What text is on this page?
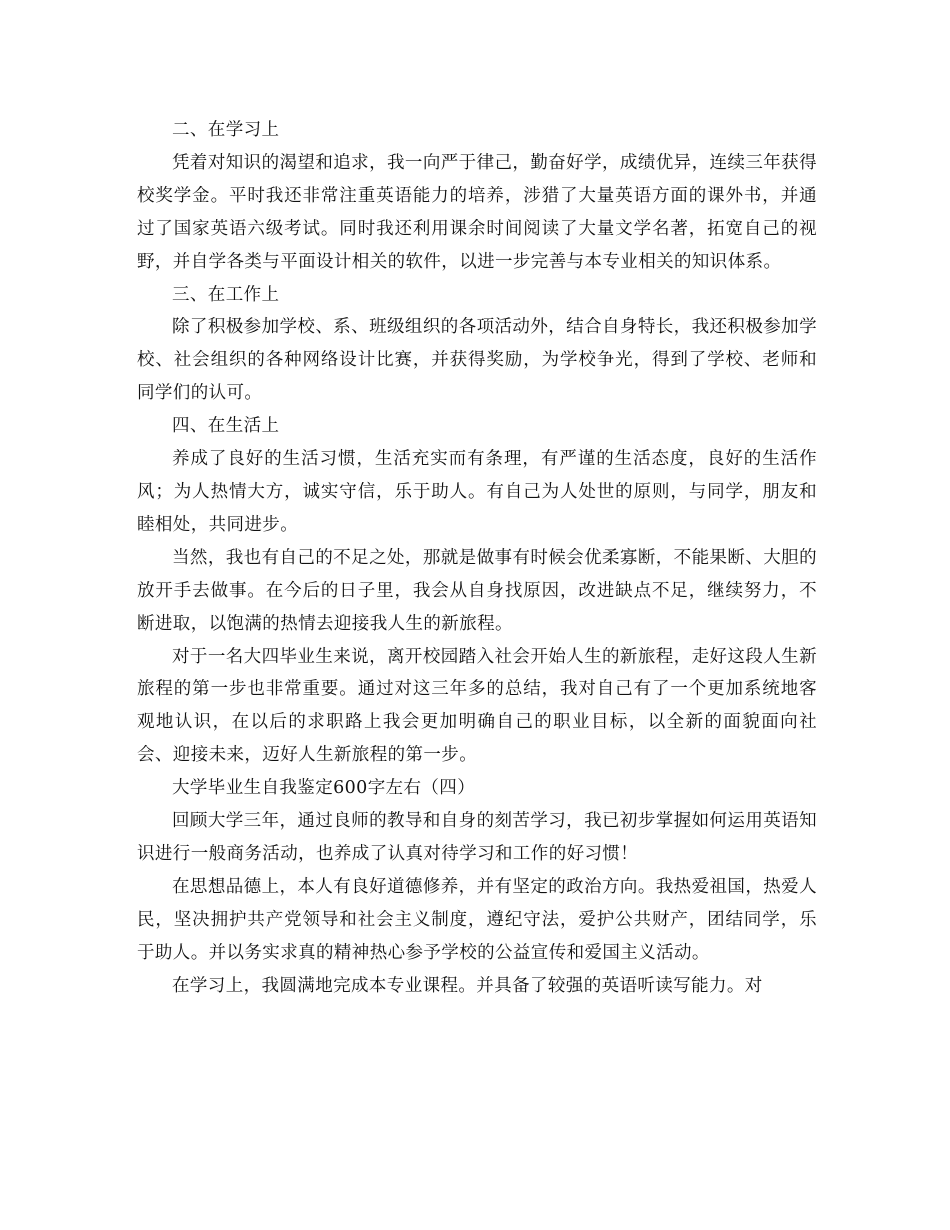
二、在学习上

凭着对知识的渴望和追求，我一向严于律己，勤奋好学，成绩优异，连续三年获得校奖学金。平时我还非常注重英语能力的培养，涉猎了大量英语方面的课外书，并通过了国家英语六级考试。同时我还利用课余时间阅读了大量文学名著，拓宽自己的视野，并自学各类与平面设计相关的软件，以进一步完善与本专业相关的知识体系。

三、在工作上

除了积极参加学校、系、班级组织的各项活动外，结合自身特长，我还积极参加学校、社会组织的各种网络设计比赛，并获得奖励，为学校争光，得到了学校、老师和同学们的认可。

四、在生活上

养成了良好的生活习惯，生活充实而有条理，有严谨的生活态度，良好的生活作风；为人热情大方，诚实守信，乐于助人。有自己为人处世的原则，与同学，朋友和睦相处，共同进步。

当然，我也有自己的不足之处，那就是做事有时候会优柔寡断，不能果断、大胆的放开手去做事。在今后的日子里，我会从自身找原因，改进缺点不足，继续努力，不断进取，以饱满的热情去迎接我人生的新旅程。

对于一名大四毕业生来说，离开校园踏入社会开始人生的新旅程，走好这段人生新旅程的第一步也非常重要。通过对这三年多的总结，我对自己有了一个更加系统地客观地认识，在以后的求职路上我会更加明确自己的职业目标，以全新的面貌面向社会、迎接未来，迈好人生新旅程的第一步。

大学毕业生自我鉴定600字左右（四）

回顾大学三年，通过良师的教导和自身的刻苦学习，我已初步掌握如何运用英语知识进行一般商务活动，也养成了认真对待学习和工作的好习惯！

在思想品德上，本人有良好道德修养，并有坚定的政治方向。我热爱祖国，热爱人民，坚决拥护共产党领导和社会主义制度，遵纪守法，爱护公共财产，团结同学，乐于助人。并以务实求真的精神热心参予学校的公益宣传和爱国主义活动。

在学习上，我圆满地完成本专业课程。并具备了较强的英语听读写能力。对
